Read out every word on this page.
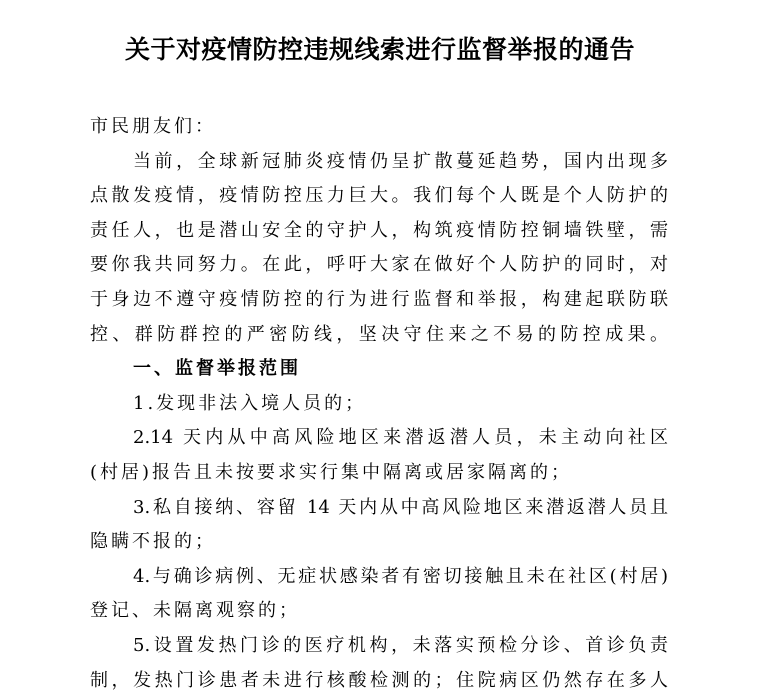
关于对疫情防控违规线索进行监督举报的通告
市民朋友们：
当前，全球新冠肺炎疫情仍呈扩散蔓延趋势，国内出现多
点散发疫情，疫情防控压力巨大。我们每个人既是个人防护的
责任人，也是潜山安全的守护人，构筑疫情防控铜墙铁壁，需
要你我共同努力。在此，呼吁大家在做好个人防护的同时，对
于身边不遵守疫情防控的行为进行监督和举报，构建起联防联
控、群防群控的严密防线，坚决守住来之不易的防控成果。
一、监督举报范围
1.发现非法入境人员的；
2.14 天内从中高风险地区来潜返潜人员，未主动向社区
(村居)报告且未按要求实行集中隔离或居家隔离的；
3.私自接纳、容留 14 天内从中高风险地区来潜返潜人员且
隐瞒不报的；
4.与确诊病例、无症状感染者有密切接触且未在社区(村居)
登记、未隔离观察的；
5.设置发热门诊的医疗机构，未落实预检分诊、首诊负责
制，发热门诊患者未进行核酸检测的；住院病区仍然存在多人
